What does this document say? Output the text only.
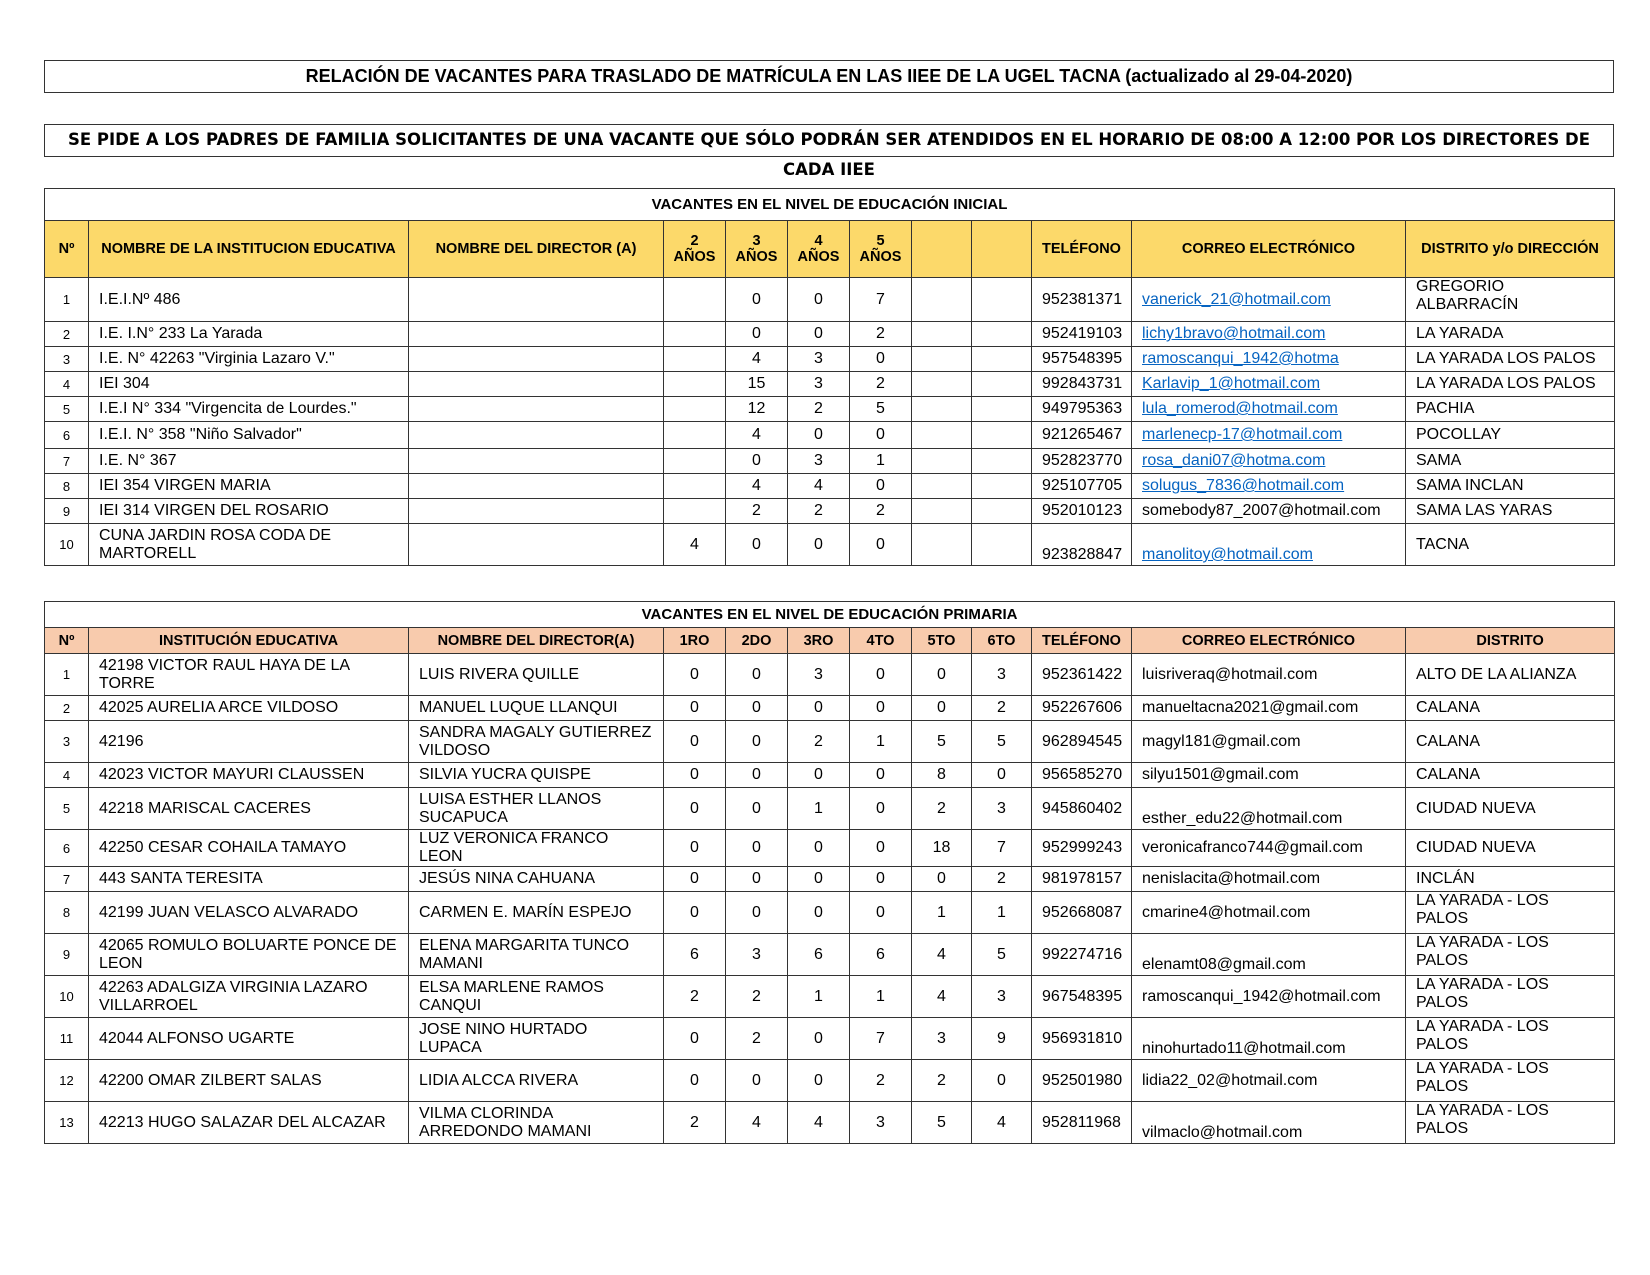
RELACIÓN DE VACANTES PARA TRASLADO DE MATRÍCULA EN LAS IIEE DE LA UGEL TACNA (actualizado al 29-04-2020)
SE PIDE A LOS PADRES DE FAMILIA SOLICITANTES DE UNA VACANTE QUE SÓLO PODRÁN SER ATENDIDOS EN EL HORARIO DE 08:00 A 12:00 POR LOS DIRECTORES DE CADA IIEE
VACANTES EN EL NIVEL DE EDUCACIÓN INICIAL											
Nº	NOMBRE DE LA INSTITUCION EDUCATIVA	NOMBRE DEL DIRECTOR (A)	2 AÑOS	3 AÑOS	4 AÑOS	5 AÑOS			TELÉFONO	CORREO ELECTRÓNICO	DISTRITO y/o DIRECCIÓN
1	I.E.I.Nº 486			0	0	7			952381371	vanerick_21@hotmail.com	GREGORIO ALBARRACÍN
2	I.E. I.N° 233 La Yarada			0	0	2			952419103	lichy1bravo@hotmail.com	LA YARADA
3	I.E. N° 42263 "Virginia Lazaro V."			4	3	0			957548395	ramoscanqui_1942@hotma	LA YARADA LOS PALOS
4	IEI 304			15	3	2			992843731	Karlavip_1@hotmail.com	LA YARADA LOS PALOS
5	I.E.I N° 334 "Virgencita de Lourdes."			12	2	5			949795363	lula_romerod@hotmail.com	PACHIA
6	I.E.I. N° 358 "Niño Salvador"			4	0	0			921265467	marlenecp-17@hotmail.com	POCOLLAY
7	I.E. N° 367			0	3	1			952823770	rosa_dani07@hotma.com	SAMA
8	IEI 354 VIRGEN MARIA			4	4	0			925107705	solugus_7836@hotmail.com	SAMA INCLAN
9	IEI 314 VIRGEN DEL ROSARIO			2	2	2			952010123	somebody87_2007@hotmail.com	SAMA LAS YARAS
10	CUNA JARDIN ROSA CODA DE MARTORELL		4	0	0	0			923828847	manolitoy@hotmail.com	TACNA
VACANTES EN EL NIVEL DE EDUCACIÓN PRIMARIA											
Nº	INSTITUCIÓN EDUCATIVA	NOMBRE DEL DIRECTOR(A)	1RO	2DO	3RO	4TO	5TO	6TO	TELÉFONO	CORREO ELECTRÓNICO	DISTRITO
1	42198 VICTOR RAUL HAYA DE LA TORRE	LUIS RIVERA QUILLE	0	0	3	0	0	3	952361422	luisriveraq@hotmail.com	ALTO DE LA ALIANZA
2	42025 AURELIA ARCE VILDOSO	MANUEL LUQUE LLANQUI	0	0	0	0	0	2	952267606	manueltacna2021@gmail.com	CALANA
3	42196	SANDRA MAGALY GUTIERREZ VILDOSO	0	0	2	1	5	5	962894545	magyl181@gmail.com	CALANA
4	42023 VICTOR MAYURI CLAUSSEN	SILVIA YUCRA QUISPE	0	0	0	0	8	0	956585270	silyu1501@gmail.com	CALANA
5	42218 MARISCAL CACERES	LUISA ESTHER LLANOS SUCAPUCA	0	0	1	0	2	3	945860402	esther_edu22@hotmail.com	CIUDAD NUEVA
6	42250 CESAR COHAILA TAMAYO	LUZ VERONICA FRANCO LEON	0	0	0	0	18	7	952999243	veronicafranco744@gmail.com	CIUDAD NUEVA
7	443 SANTA TERESITA	JESÚS NINA CAHUANA	0	0	0	0	0	2	981978157	nenislacita@hotmail.com	INCLÁN
8	42199 JUAN VELASCO ALVARADO	CARMEN E. MARÍN ESPEJO	0	0	0	0	1	1	952668087	cmarine4@hotmail.com	LA YARADA - LOS PALOS
9	42065 ROMULO BOLUARTE PONCE DE LEON	ELENA MARGARITA TUNCO MAMANI	6	3	6	6	4	5	992274716	elenamt08@gmail.com	LA YARADA - LOS PALOS
10	42263 ADALGIZA VIRGINIA LAZARO VILLARROEL	ELSA MARLENE RAMOS CANQUI	2	2	1	1	4	3	967548395	ramoscanqui_1942@hotmail.com	LA YARADA - LOS PALOS
11	42044 ALFONSO UGARTE	JOSE NINO HURTADO LUPACA	0	2	0	7	3	9	956931810	ninohurtado11@hotmail.com	LA YARADA - LOS PALOS
12	42200 OMAR ZILBERT SALAS	LIDIA ALCCA RIVERA	0	0	0	2	2	0	952501980	lidia22_02@hotmail.com	LA YARADA - LOS PALOS
13	42213 HUGO SALAZAR DEL ALCAZAR	VILMA CLORINDA ARREDONDO MAMANI	2	4	4	3	5	4	952811968	vilmaclo@hotmail.com	LA YARADA - LOS PALOS
